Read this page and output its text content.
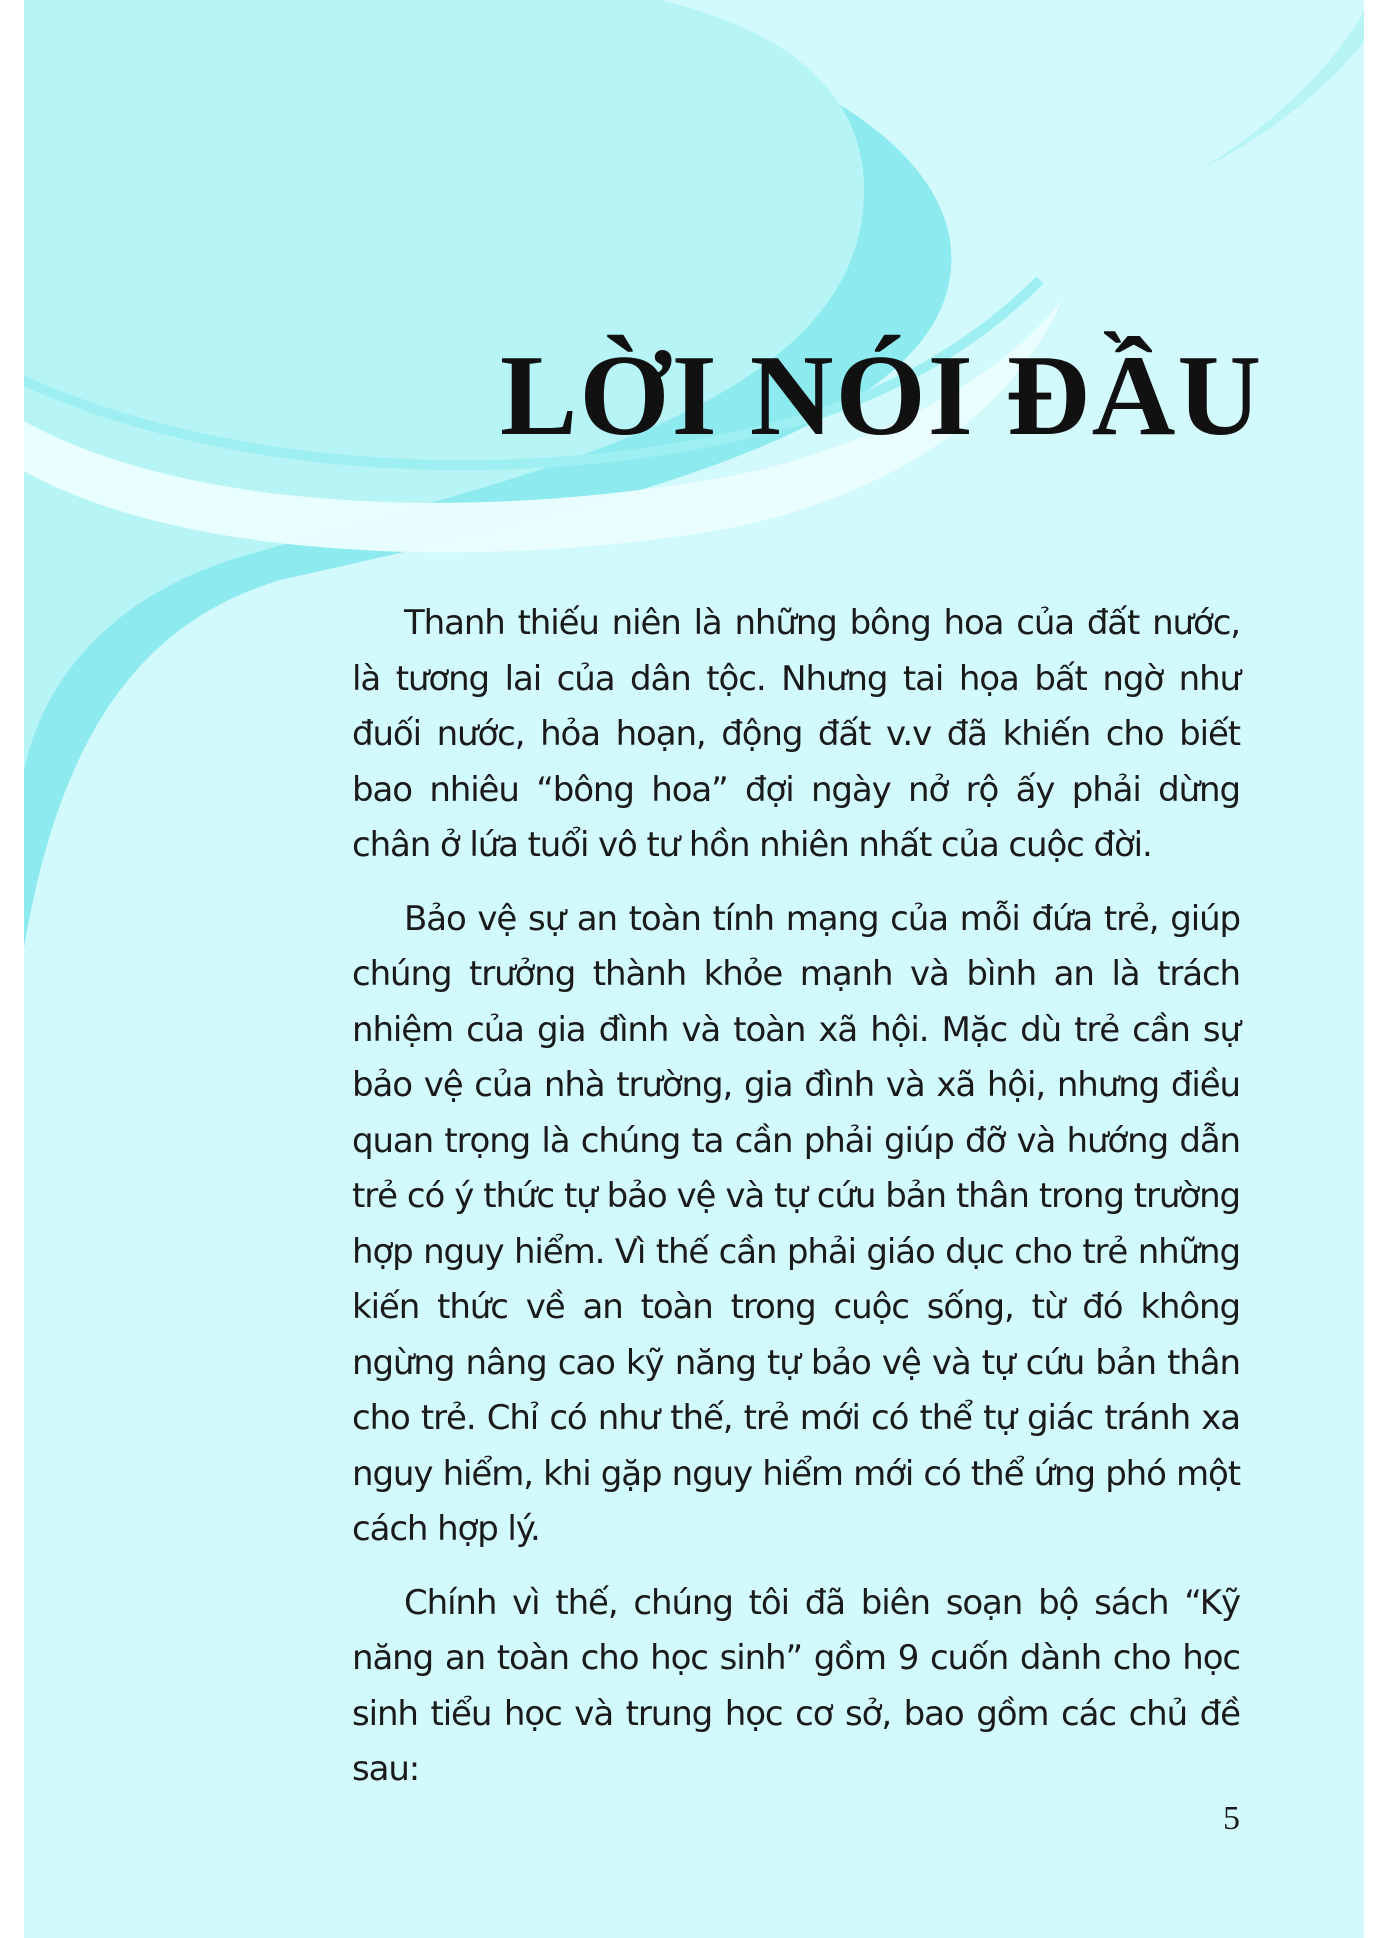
LỜI NÓI ĐẦU

Thanh thiếu niên là những bông hoa của đất nước, là tương lai của dân tộc. Nhưng tai họa bất ngờ như đuối nước, hỏa hoạn, động đất v.v đã khiến cho biết bao nhiêu “bông hoa” đợi ngày nở rộ ấy phải dừng chân ở lứa tuổi vô tư hồn nhiên nhất của cuộc đời.

Bảo vệ sự an toàn tính mạng của mỗi đứa trẻ, giúp chúng trưởng thành khỏe mạnh và bình an là trách nhiệm của gia đình và toàn xã hội. Mặc dù trẻ cần sự bảo vệ của nhà trường, gia đình và xã hội, nhưng điều quan trọng là chúng ta cần phải giúp đỡ và hướng dẫn trẻ có ý thức tự bảo vệ và tự cứu bản thân trong trường hợp nguy hiểm. Vì thế cần phải giáo dục cho trẻ những kiến thức về an toàn trong cuộc sống, từ đó không ngừng nâng cao kỹ năng tự bảo vệ và tự cứu bản thân cho trẻ. Chỉ có như thế, trẻ mới có thể tự giác tránh xa nguy hiểm, khi gặp nguy hiểm mới có thể ứng phó một cách hợp lý.

Chính vì thế, chúng tôi đã biên soạn bộ sách “Kỹ năng an toàn cho học sinh” gồm 9 cuốn dành cho học sinh tiểu học và trung học cơ sở, bao gồm các chủ đề sau:

5
